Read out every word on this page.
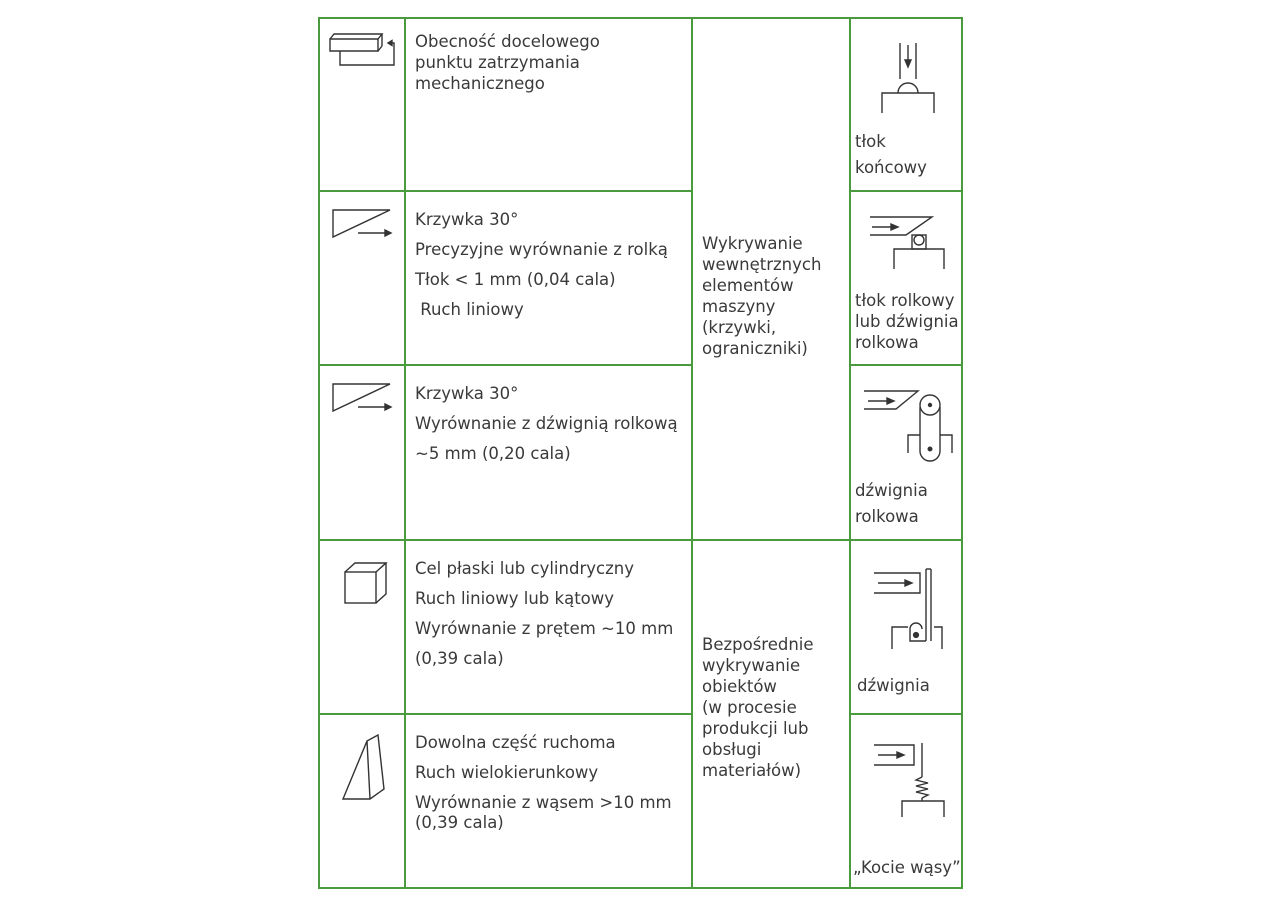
Obecność docelowego
punktu zatrzymania
mechanicznego
tłok
końcowy
Krzywka 30°
Precyzyjne wyrównanie z rolką
Tłok < 1 mm (0,04 cala)
Ruch liniowy	tłok rolkowy
lub dźwignia
rolkowa
Krzywka 30°
Wyrównanie z dźwignią rolkową
~5 mm (0,20 cala)
dźwignia
rolkowa
Wykrywanie
wewnętrznych
elementów
maszyny
(krzywki,
ograniczniki)
Cel płaski lub cylindryczny
Ruch liniowy lub kątowy
Wyrównanie z prętem ~10 mm
(0,39 cala)
dźwignia
Dowolna część ruchoma
Ruch wielokierunkowy
Wyrównanie z wąsem >10 mm
(0,39 cala)
„Kocie wąsy”
Bezpośrednie
wykrywanie
obiektów
(w procesie
produkcji lub
obsługi
materiałów)
